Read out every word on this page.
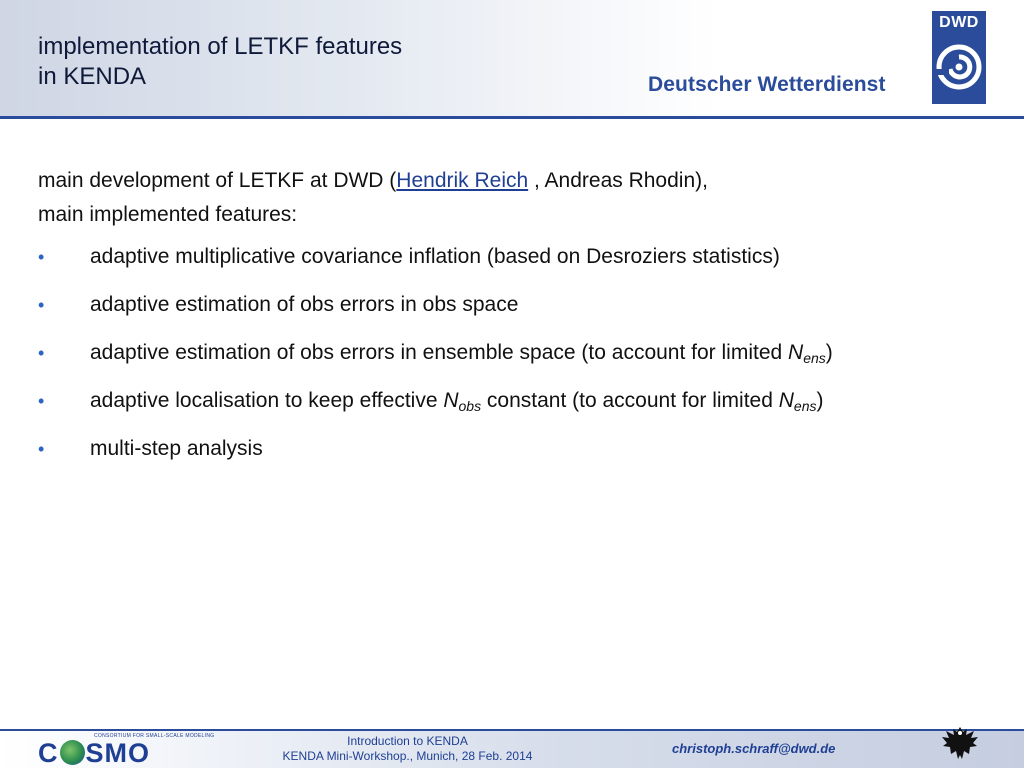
implementation of LETKF features
in KENDA	Deutscher Wetterdienst
DWD
main development of LETKF at DWD (Hendrik Reich , Andreas Rhodin),
main implemented features:
• adaptive multiplicative covariance inflation (based on Desroziers statistics)
• adaptive estimation of obs errors in obs space
• adaptive estimation of obs errors in ensemble space (to account for limited $N_{ens}$)
• adaptive localisation to keep effective $N_{obs}$ constant (to account for limited $N_{ens}$)
• multi-step analysis
CONSORTIUM FOR SMALL-SCALE MODELING
C SMO	Introduction to KENDA
KENDA Mini-Workshop., Munich, 28 Feb. 2014	christoph.schraff@dwd.de
